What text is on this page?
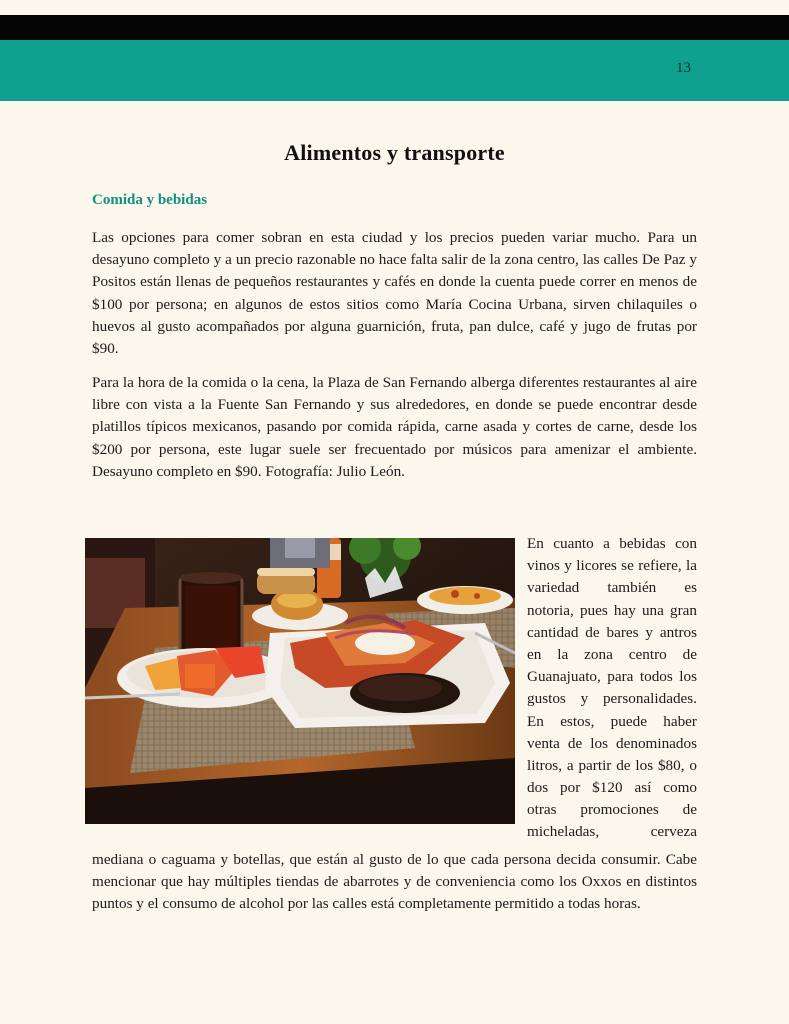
13
Alimentos y transporte
Comida y bebidas

Las opciones para comer sobran en esta ciudad y los precios pueden variar mucho. Para un desayuno completo y a un precio razonable no hace falta salir de la zona centro, las calles De Paz y Positos están llenas de pequeños restaurantes y cafés en donde la cuenta puede correr en menos de $100 por persona; en algunos de estos sitios como María Cocina Urbana, sirven chilaquiles o huevos al gusto acompañados por alguna guarnición, fruta, pan dulce, café y jugo de frutas por $90.

Para la hora de la comida o la cena, la Plaza de San Fernando alberga diferentes restaurantes al aire libre con vista a la Fuente San Fernando y sus alrededores, en donde se puede encontrar desde platillos típicos mexicanos, pasando por comida rápida, carne asada y cortes de carne, desde los $200 por persona, este lugar suele ser frecuentado por músicos para amenizar el ambiente. Desayuno completo en $90. Fotografía: Julio León.

En cuanto a bebidas con
vinos y licores se refiere, la
variedad también es
notoria, pues hay una gran
cantidad de bares y antros
en la zona centro de
Guanajuato, para todos los
gustos y personalidades.
En estos, puede haber
venta de los denominados
litros, a partir de los $80, o
dos por $120 así como
otras promociones de
micheladas, cerveza

mediana o caguama y botellas, que están al gusto de lo que cada persona decida consumir. Cabe mencionar que hay múltiples tiendas de abarrotes y de conveniencia como los Oxxos en distintos puntos y el consumo de alcohol por las calles está completamente permitido a todas horas.
